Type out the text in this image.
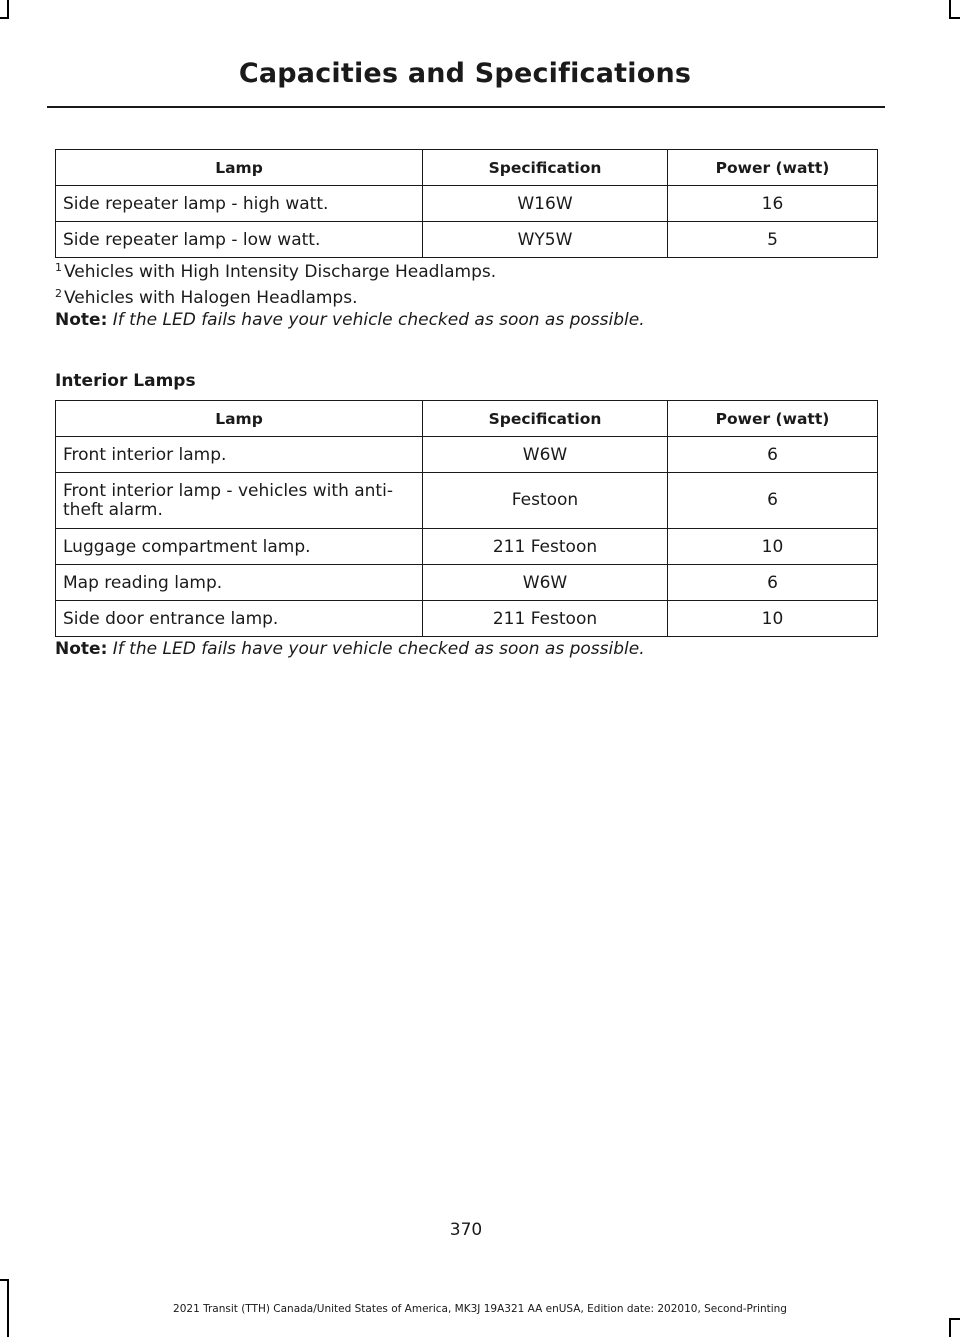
Capacities and Specifications
Lamp	Specification	Power (watt)
Side repeater lamp - high watt.	W16W	16
Side repeater lamp - low watt.	WY5W	5
$^1$ Vehicles with High Intensity Discharge Headlamps.
$^2$ Vehicles with Halogen Headlamps.
Note: If the LED fails have your vehicle checked as soon as possible.
Interior Lamps
Lamp	Specification	Power (watt)
Front interior lamp.	W6W	6
Front interior lamp - vehicles with anti-
theft alarm.	Festoon	6
Luggage compartment lamp.	211 Festoon	10
Map reading lamp.	W6W	6
Side door entrance lamp.	211 Festoon	10
Note: If the LED fails have your vehicle checked as soon as possible.
370
2021 Transit (TTH) Canada/United States of America, MK3J 19A321 AA enUSA, Edition date: 202010, Second-Printing
